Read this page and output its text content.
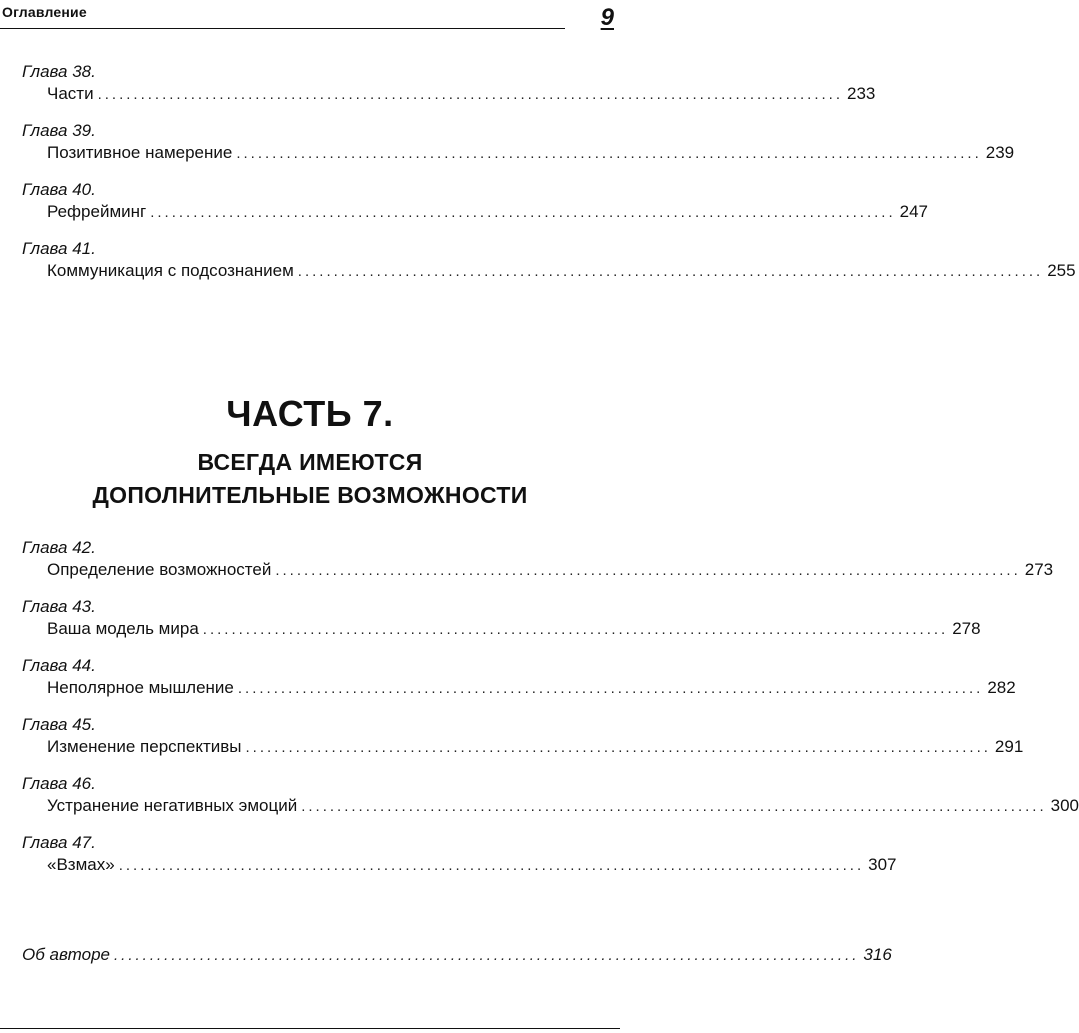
Оглавление	9
Глава 38.
Части ........................................................................................................ 233
Глава 39.
Позитивное намерение ........................................................................................................ 239
Глава 40.
Рефрейминг ........................................................................................................ 247
Глава 41.
Коммуникация с подсознанием ........................................................................................................ 255
ЧАСТЬ 7.
ВСЕГДА ИМЕЮТСЯ
ДОПОЛНИТЕЛЬНЫЕ ВОЗМОЖНОСТИ
Глава 42.
Определение возможностей ........................................................................................................ 273
Глава 43.
Ваша модель мира ........................................................................................................ 278
Глава 44.
Неполярное мышление ........................................................................................................ 282
Глава 45.
Изменение перспективы ........................................................................................................ 291
Глава 46.
Устранение негативных эмоций ........................................................................................................ 300
Глава 47.
«Взмах» ........................................................................................................ 307
Об авторе ........................................................................................................ 316
